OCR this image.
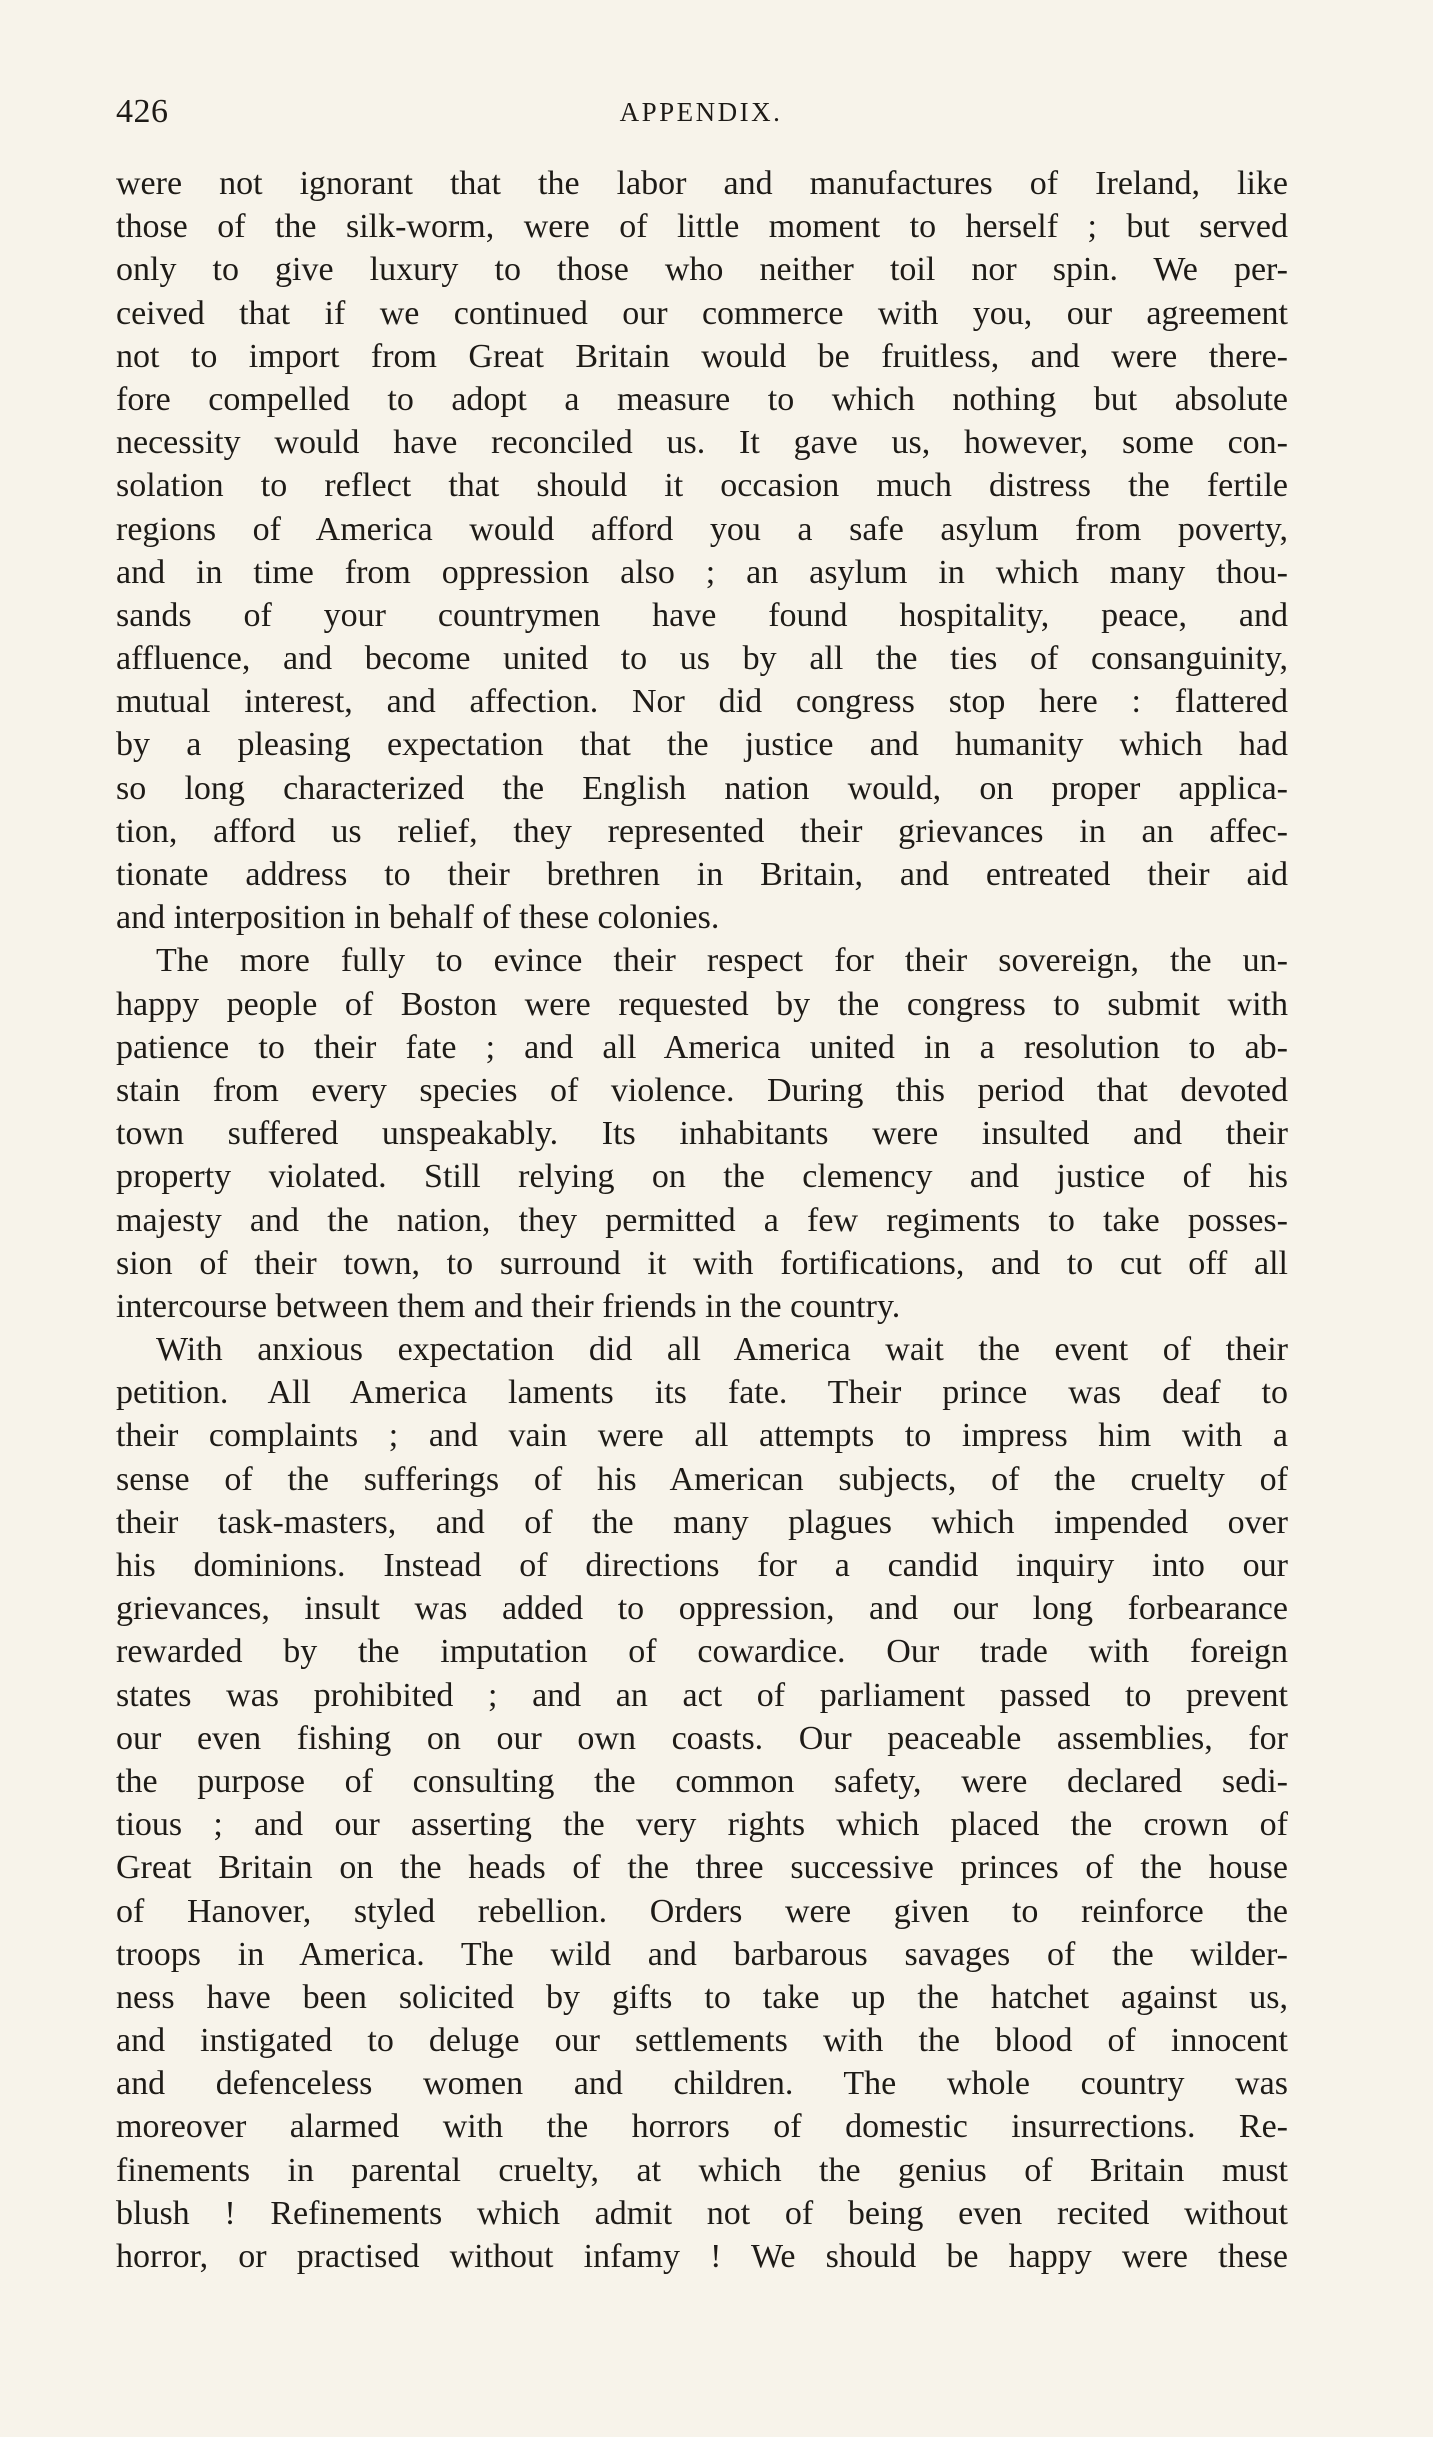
426	APPENDIX.
were not ignorant that the labor and manufactures of Ireland, like
those of the silk-worm, were of little moment to herself ; but served
only to give luxury to those who neither toil nor spin. We per-
ceived that if we continued our commerce with you, our agreement
not to import from Great Britain would be fruitless, and were there-
fore compelled to adopt a measure to which nothing but absolute
necessity would have reconciled us. It gave us, however, some con-
solation to reflect that should it occasion much distress the fertile
regions of America would afford you a safe asylum from poverty,
and in time from oppression also ; an asylum in which many thou-
sands of your countrymen have found hospitality, peace, and
affluence, and become united to us by all the ties of consanguinity,
mutual interest, and affection. Nor did congress stop here : flattered
by a pleasing expectation that the justice and humanity which had
so long characterized the English nation would, on proper applica-
tion, afford us relief, they represented their grievances in an affec-
tionate address to their brethren in Britain, and entreated their aid
and interposition in behalf of these colonies.
The more fully to evince their respect for their sovereign, the un-
happy people of Boston were requested by the congress to submit with
patience to their fate ; and all America united in a resolution to ab-
stain from every species of violence. During this period that devoted
town suffered unspeakably. Its inhabitants were insulted and their
property violated. Still relying on the clemency and justice of his
majesty and the nation, they permitted a few regiments to take posses-
sion of their town, to surround it with fortifications, and to cut off all
intercourse between them and their friends in the country.
With anxious expectation did all America wait the event of their
petition. All America laments its fate. Their prince was deaf to
their complaints ; and vain were all attempts to impress him with a
sense of the sufferings of his American subjects, of the cruelty of
their task-masters, and of the many plagues which impended over
his dominions. Instead of directions for a candid inquiry into our
grievances, insult was added to oppression, and our long forbearance
rewarded by the imputation of cowardice. Our trade with foreign
states was prohibited ; and an act of parliament passed to prevent
our even fishing on our own coasts. Our peaceable assemblies, for
the purpose of consulting the common safety, were declared sedi-
tious ; and our asserting the very rights which placed the crown of
Great Britain on the heads of the three successive princes of the house
of Hanover, styled rebellion. Orders were given to reinforce the
troops in America. The wild and barbarous savages of the wilder-
ness have been solicited by gifts to take up the hatchet against us,
and instigated to deluge our settlements with the blood of innocent
and defenceless women and children. The whole country was
moreover alarmed with the horrors of domestic insurrections. Re-
finements in parental cruelty, at which the genius of Britain must
blush ! Refinements which admit not of being even recited without
horror, or practised without infamy ! We should be happy were these
